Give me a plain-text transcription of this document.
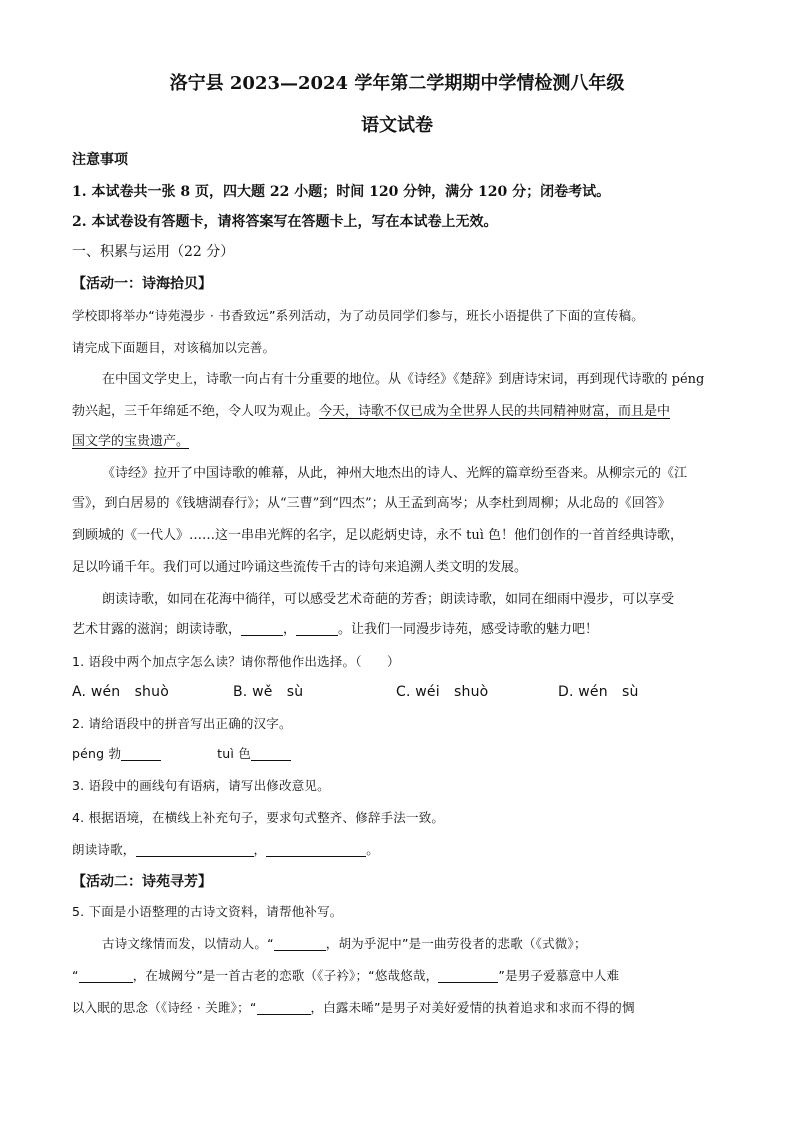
洛宁县 2023—2024 学年第二学期期中学情检测八年级
语文试卷
注意事项
1. 本试卷共一张 8 页，四大题 22 小题；时间 120 分钟，满分 120 分；闭卷考试。
2. 本试卷设有答题卡，请将答案写在答题卡上，写在本试卷上无效。
一、积累与运用（22 分）
【活动一：诗海拾贝】
学校即将举办“诗苑漫步 · 书香致远”系列活动，为了动员同学们参与，班长小语提供了下面的宣传稿。
请完成下面题目，对该稿加以完善。
在中国文学史上，诗歌一向占有十分重要的地位。从《诗经》《楚辞》到唐诗宋词，再到现代诗歌的 péng
勃兴起，三千年绵延不绝，令人叹为观止。今天，诗歌不仅已成为全世界人民的共同精神财富，而且是中
国文学的宝贵遗产。
《诗经》拉开了中国诗歌的帷幕，从此，神州大地杰出的诗人、光辉的篇章纷至沓来。从柳宗元的《江
雪》，到白居易的《钱塘湖春行》；从“三曹”到“四杰”；从王孟到高岑；从李杜到周柳；从北岛的《回答》
到顾城的《一代人》……这一串串光辉的名字，足以彪炳史诗，永不 tuì 色！他们创作的一首首经典诗歌，
足以吟诵千年。我们可以通过吟诵这些流传千古的诗句来追溯人类文明的发展。
朗读诗歌，如同在花海中徜徉，可以感受艺术奇葩的芳香；朗读诗歌，如同在细雨中漫步，可以享受
艺术甘露的滋润；朗读诗歌，	，	。让我们一同漫步诗苑，感受诗歌的魅力吧！
1. 语段中两个加点字怎么读？请你帮他作出选择。（　　）
A. wén　shuò	B. wě　sù	C. wéi　shuò	D. wén　sù
2. 请给语段中的拼音写出正确的汉字。
péng 勃	tuì 色
3. 语段中的画线句有语病，请写出修改意见。
4. 根据语境，在横线上补充句子，要求句式整齐、修辞手法一致。
朗读诗歌，	，	。
【活动二：诗苑寻芳】
5. 下面是小语整理的古诗文资料，请帮他补写。
古诗文缘情而发，以情动人。“	，胡为乎泥中”是一曲劳役者的悲歌（《式微》；
“	，在城阙兮”是一首古老的恋歌（《子衿》；“悠哉悠哉，	”是男子爱慕意中人难
以入眠的思念（《诗经 · 关雎》；“	，白露未晞”是男子对美好爱情的执着追求和求而不得的惆
